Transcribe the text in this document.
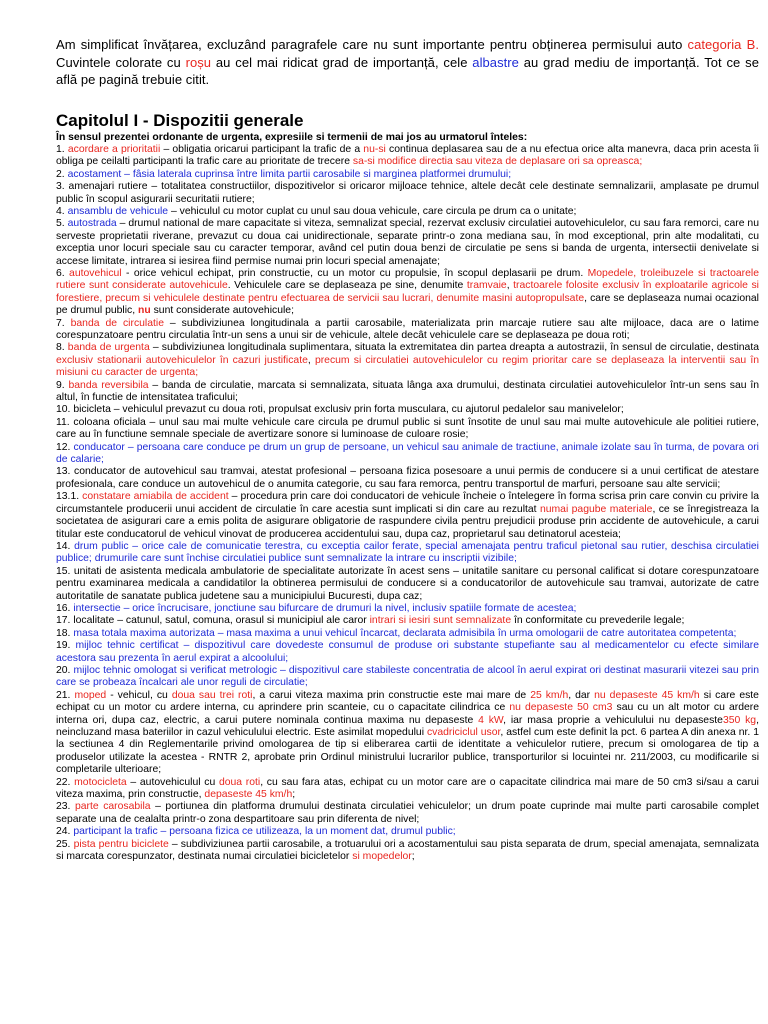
Am simplificat învățarea, excluzând paragrafele care nu sunt importante pentru obținerea permisului auto categoria B. Cuvintele colorate cu roșu au cel mai ridicat grad de importanță, cele albastre au grad mediu de importanță. Tot ce se află pe pagină trebuie citit.

Capitolul I - Dispozitii generale

În sensul prezentei ordonante de urgenta, expresiile si termenii de mai jos au urmatorul înteles:

1. acordare a prioritatii – obligatia oricarui participant la trafic de a nu-si continua deplasarea sau de a nu efectua orice alta manevra, daca prin acesta îi obliga pe ceilalti participanti la trafic care au prioritate de trecere sa-si modifice directia sau viteza de deplasare ori sa opreasca;
2. acostament – fâsia laterala cuprinsa între limita partii carosabile si marginea platformei drumului;
3. amenajari rutiere – totalitatea constructiilor, dispozitivelor si oricaror mijloace tehnice, altele decât cele destinate semnalizarii, amplasate pe drumul public în scopul asigurarii securitatii rutiere;
4. ansamblu de vehicule – vehiculul cu motor cuplat cu unul sau doua vehicule, care circula pe drum ca o unitate;
5. autostrada – drumul national de mare capacitate si viteza, semnalizat special, rezervat exclusiv circulatiei autovehiculelor, cu sau fara remorci, care nu serveste proprietatii riverane, prevazut cu doua cai unidirectionale, separate printr-o zona mediana sau, în mod exceptional, prin alte modalitati, cu exceptia unor locuri speciale sau cu caracter temporar, având cel putin doua benzi de circulatie pe sens si banda de urgenta, intersectii denivelate si accese limitate, intrarea si iesirea fiind permise numai prin locuri special amenajate;
6. autovehicul - orice vehicul echipat, prin constructie, cu un motor cu propulsie, în scopul deplasarii pe drum. Mopedele, troleibuzele si tractoarele rutiere sunt considerate autovehicule. Vehiculele care se deplaseaza pe sine, denumite tramvaie, tractoarele folosite exclusiv în exploatarile agricole si forestiere, precum si vehiculele destinate pentru efectuarea de servicii sau lucrari, denumite masini autopropulsate, care se deplaseaza numai ocazional pe drumul public, nu sunt considerate autovehicule;
7. banda de circulatie – subdiviziunea longitudinala a partii carosabile, materializata prin marcaje rutiere sau alte mijloace, daca are o latime corespunzatoare pentru circulatia într-un sens a unui sir de vehicule, altele decât vehiculele care se deplaseaza pe doua roti;
8. banda de urgenta – subdiviziunea longitudinala suplimentara, situata la extremitatea din partea dreapta a autostrazii, în sensul de circulatie, destinata exclusiv stationarii autovehiculelor în cazuri justificate, precum si circulatiei autovehiculelor cu regim prioritar care se deplaseaza la interventii sau în misiuni cu caracter de urgenta;
9. banda reversibila – banda de circulatie, marcata si semnalizata, situata lânga axa drumului, destinata circulatiei autovehiculelor într-un sens sau în altul, în functie de intensitatea traficului;
10. biciclet​a – vehiculul prevazut cu doua roti, propulsat exclusiv prin forta musculara, cu ajutorul pedalelor sau manivelelor;
11. coloana oficiala – unul sau mai multe vehicule care circula pe drumul public si sunt însotite de unul sau mai multe autovehicule ale politiei rutiere, care au în functiune semnale speciale de avertizare sonore si luminoase de culoare rosie;
12. conducator – persoana care conduce pe drum un grup de persoane, un vehicul sau animale de tractiune, animale izolate sau în turma, de povara ori de calarie;
13. conducator de autovehicul sau tramvai, atestat profesional – persoana fizica posesoare a unui permis de conducere si a unui certificat de atestare profesionala, care conduce un autovehicul de o anumita categorie, cu sau fara remorca, pentru transportul de marfuri, persoane sau alte servicii;
13.1. constatare amiabila de accident – procedura prin care doi conducatori de vehicule încheie o întelegere în forma scrisa prin care convin cu privire la circumstantele producerii unui accident de circulatie în care acestia sunt implicati si din care au rezultat numai pagube materiale, ce se înregistreaza la societatea de asigurari care a emis polita de asigurare obligatorie de raspundere civila pentru prejudicii produse prin accidente de autovehicule, a carui titular este conducatorul de vehicul vinovat de producerea accidentului sau, dupa caz, proprietarul sau detinatorul acesteia;
14. drum public – orice cale de comunicatie terestra, cu exceptia cailor ferate, special amenajata pentru traficul pietonal sau rutier, deschisa circulatiei publice; drumurile care sunt închise circulatiei publice sunt semnalizate la intrare cu inscriptii vizibile;
15. unitati de asistenta medicala ambulatorie de specialitate autorizate în acest sens – unitatile sanitare cu personal calificat si dotare corespunzatoare pentru examinarea medicala a candidatilor la obtinerea permisului de conducere si a conducatorilor de autovehicule sau tramvai, autorizate de catre autoritatile de sanatate publica judetene sau a municipiului Bucuresti, dupa caz;
16. intersectie – orice încrucisare, jonctiune sau bifurcare de drumuri la nivel, inclusiv spatiile formate de acestea;
17. localitate – catunul, satul, comuna, orasul si municipiul ale caror intrari si iesiri sunt semnalizate în conformitate cu prevederile legale;
18. masa totala maxima autorizata – masa maxima a unui vehicul încarcat, declarata admisibila în urma omologarii de catre autoritatea competenta;
19. mijloc tehnic certificat – dispozitivul care dovedeste consumul de produse ori substante stupefiante sau al medicamentelor cu efecte similare acestora sau prezenta în aerul expirat a alcoolului;
20. mijloc tehnic omologat si verificat metrologic – dispozitivul care stabileste concentratia de alcool în aerul expirat ori destinat masurarii vitezei sau prin care se probeaza încalcari ale unor reguli de circulatie;
21. moped - vehicul, cu doua sau trei roti, a carui viteza maxima prin constructie este mai mare de 25 km/h, dar nu depaseste 45 km/h si care este echipat cu un motor cu ardere interna, cu aprindere prin scanteie, cu o capacitate cilindrica ce nu depaseste 50 cm3 sau cu un alt motor cu ardere interna ori, dupa caz, electric, a carui putere nominala continua maxima nu depaseste 4 kW, iar masa proprie a vehiculului nu depaseste350 kg, neincluzand masa bateriilor in cazul vehiculului electric. Este asimilat mopedului cvadriciclul usor, astfel cum este definit la pct. 6 partea A din anexa nr. 1 la sectiunea 4 din Reglementarile privind omologarea de tip si eliberarea cartii de identitate a vehiculelor rutiere, precum si omologarea de tip a produselor utilizate la acestea - RNTR 2, aprobate prin Ordinul ministrului lucrarilor publice, transporturilor si locuintei nr. 211/2003, cu modificarile si completarile ulterioare;
22. motocicleta – autovehiculul cu doua roti, cu sau fara atas, echipat cu un motor care are o capacitate cilindrica mai mare de 50 cm3 si/sau a carui viteza maxima, prin constructie, depaseste 45 km/h;
23. parte carosabila – portiunea din platforma drumului destinata circulatiei vehiculelor; un drum poate cuprinde mai multe parti carosabile complet separate una de cealalta printr-o zona despartitoare sau prin diferenta de nivel;
24. participant la trafic – persoana fizica ce utilizeaza, la un moment dat, drumul public;
25. pista pentru biciclete – subdiviziunea partii carosabile, a trotuarului ori a acostamentului sau pista separata de drum, special amenajata, semnalizata si marcata corespunzator, destinata numai circulatiei bicicletelor si mopedelor;
